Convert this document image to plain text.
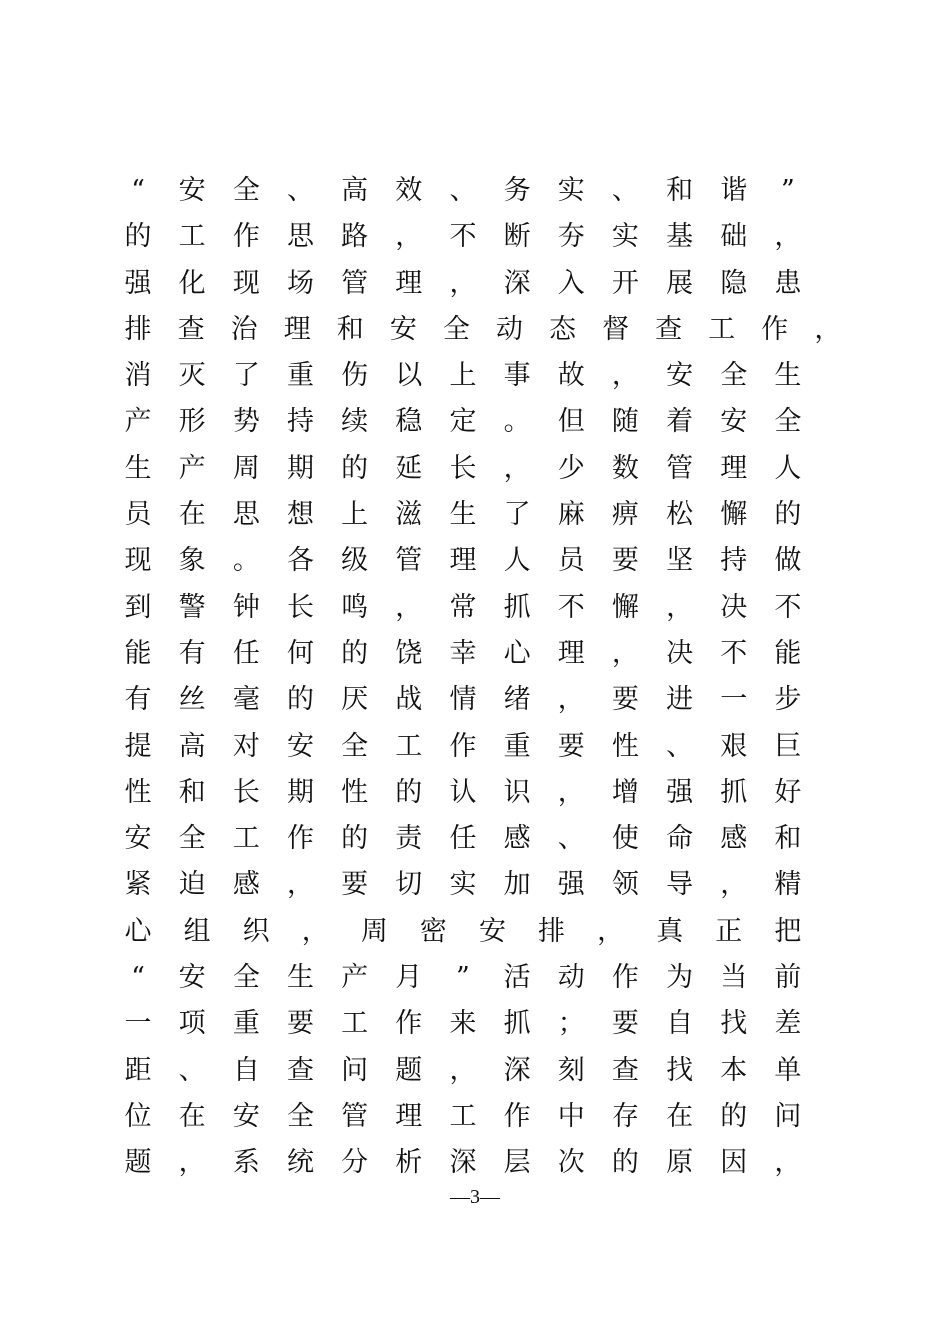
“ 安 全 、 高 效 、 务 实 、 和 谐 ”
的 工 作 思 路 ， 不 断 夯 实 基 础 ，
强 化 现 场 管 理 ， 深 入 开 展 隐 患
排 查 治 理 和 安 全 动 态 督 查 工 作 ，
消 灭 了 重 伤 以 上 事 故 ， 安 全 生
产 形 势 持 续 稳 定 。 但 随 着 安 全
生 产 周 期 的 延 长 ， 少 数 管 理 人
员 在 思 想 上 滋 生 了 麻 痹 松 懈 的
现 象 。 各 级 管 理 人 员 要 坚 持 做
到 警 钟 长 鸣 ， 常 抓 不 懈 ， 决 不
能 有 任 何 的 饶 幸 心 理 ， 决 不 能
有 丝 毫 的 厌 战 情 绪 ， 要 进 一 步
提 高 对 安 全 工 作 重 要 性 、 艰 巨
性 和 长 期 性 的 认 识 ， 增 强 抓 好
安 全 工 作 的 责 任 感 、 使 命 感 和
紧 迫 感 ， 要 切 实 加 强 领 导 ， 精
心 组 织 ， 周 密 安 排 ， 真 正 把
“ 安 全 生 产 月 ” 活 动 作 为 当 前
一 项 重 要 工 作 来 抓 ； 要 自 找 差
距 、 自 查 问 题 ， 深 刻 查 找 本 单
位 在 安 全 管 理 工 作 中 存 在 的 问
题 ， 系 统 分 析 深 层 次 的 原 因 ，
—3—
